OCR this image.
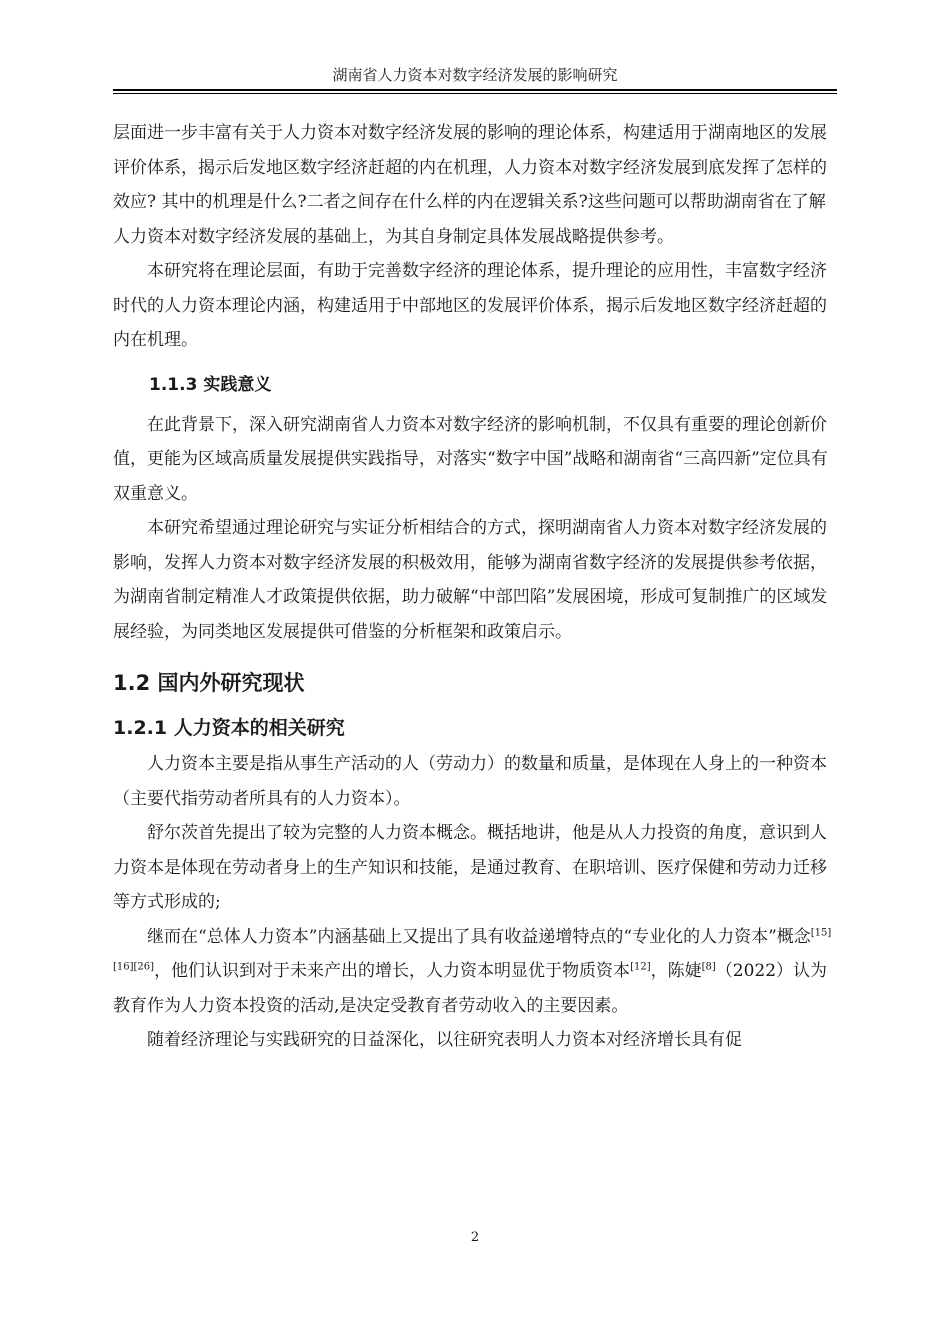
湖南省人力资本对数字经济发展的影响研究

层面进一步丰富有关于人力资本对数字经济发展的影响的理论体系，构建适用于湖南地区的发展评价体系，揭示后发地区数字经济赶超的内在机理，人力资本对数字经济发展到底发挥了怎样的效应? 其中的机理是什么?二者之间存在什么样的内在逻辑关系?这些问题可以帮助湖南省在了解人力资本对数字经济发展的基础上，为其自身制定具体发展战略提供参考。

本研究将在理论层面，有助于完善数字经济的理论体系，提升理论的应用性，丰富数字经济时代的人力资本理论内涵，构建适用于中部地区的发展评价体系，揭示后发地区数字经济赶超的内在机理。

1.1.3 实践意义

在此背景下，深入研究湖南省人力资本对数字经济的影响机制，不仅具有重要的理论创新价值，更能为区域高质量发展提供实践指导，对落实“数字中国”战略和湖南省“三高四新”定位具有双重意义。

本研究希望通过理论研究与实证分析相结合的方式，探明湖南省人力资本对数字经济发展的影响，发挥人力资本对数字经济发展的积极效用，能够为湖南省数字经济的发展提供参考依据，为湖南省制定精准人才政策提供依据，助力破解“中部凹陷”发展困境，形成可复制推广的区域发展经验，为同类地区发展提供可借鉴的分析框架和政策启示。

1.2 国内外研究现状
1.2.1 人力资本的相关研究

人力资本主要是指从事生产活动的人（劳动力）的数量和质量，是体现在人身上的一种资本（主要代指劳动者所具有的人力资本）。

舒尔茨首先提出了较为完整的人力资本概念。概括地讲，他是从人力投资的角度，意识到人力资本是体现在劳动者身上的生产知识和技能，是通过教育、在职培训、医疗保健和劳动力迁移等方式形成的;

继而在“总体人力资本”内涵基础上又提出了具有收益递增特点的“专业化的人力资本”概念[15][16][26]，他们认识到对于未来产出的增长，人力资本明显优于物质资本[12]，陈婕[8]（2022）认为教育作为人力资本投资的活动,是决定受教育者劳动收入的主要因素。

随着经济理论与实践研究的日益深化，以往研究表明人力资本对经济增长具有促

2
